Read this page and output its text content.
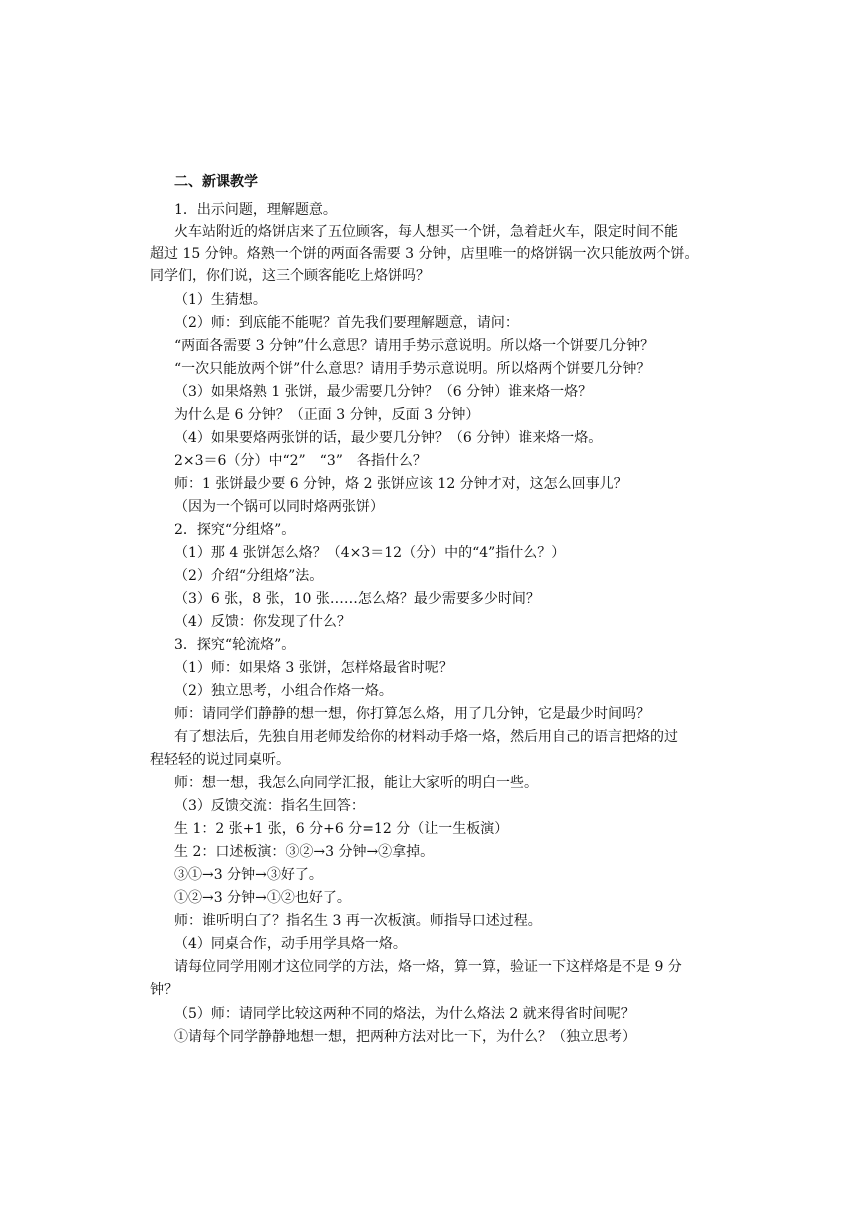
二、新课教学
1．出示问题，理解题意。
火车站附近的烙饼店来了五位顾客，每人想买一个饼，急着赶火车，限定时间不能
超过 15 分钟。烙熟一个饼的两面各需要 3 分钟，店里唯一的烙饼锅一次只能放两个饼。
同学们，你们说，这三个顾客能吃上烙饼吗？
（1）生猜想。
（2）师：到底能不能呢？首先我们要理解题意，请问：
“两面各需要 3 分钟”什么意思？请用手势示意说明。所以烙一个饼要几分钟？
“一次只能放两个饼”什么意思？请用手势示意说明。所以烙两个饼要几分钟？
（3）如果烙熟 1 张饼，最少需要几分钟？（6 分钟）谁来烙一烙？
为什么是 6 分钟？（正面 3 分钟，反面 3 分钟）
（4）如果要烙两张饼的话，最少要几分钟？（6 分钟）谁来烙一烙。
2×3＝6（分）中“2”　“3”　各指什么？
师：1 张饼最少要 6 分钟，烙 2 张饼应该 12 分钟才对，这怎么回事儿？
（因为一个锅可以同时烙两张饼）
2．探究“分组烙”。
（1）那 4 张饼怎么烙？（4×3＝12（分）中的“4”指什么？）
（2）介绍“分组烙”法。
（3）6 张，8 张，10 张……怎么烙？最少需要多少时间？
（4）反馈：你发现了什么？
3．探究“轮流烙”。
（1）师：如果烙 3 张饼，怎样烙最省时呢？
（2）独立思考，小组合作烙一烙。
师：请同学们静静的想一想，你打算怎么烙，用了几分钟，它是最少时间吗？
有了想法后，先独自用老师发给你的材料动手烙一烙，然后用自己的语言把烙的过
程轻轻的说过同桌听。
师：想一想，我怎么向同学汇报，能让大家听的明白一些。
（3）反馈交流：指名生回答：
生 1：2 张+1 张，6 分+6 分=12 分（让一生板演）
生 2：口述板演：③②→3 分钟→②拿掉。
③①→3 分钟→③好了。
①②→3 分钟→①②也好了。
师：谁听明白了？指名生 3 再一次板演。师指导口述过程。
（4）同桌合作，动手用学具烙一烙。
请每位同学用刚才这位同学的方法，烙一烙，算一算，验证一下这样烙是不是 9 分
钟？
（5）师：请同学比较这两种不同的烙法，为什么烙法 2 就来得省时间呢？
①请每个同学静静地想一想，把两种方法对比一下，为什么？（独立思考）
